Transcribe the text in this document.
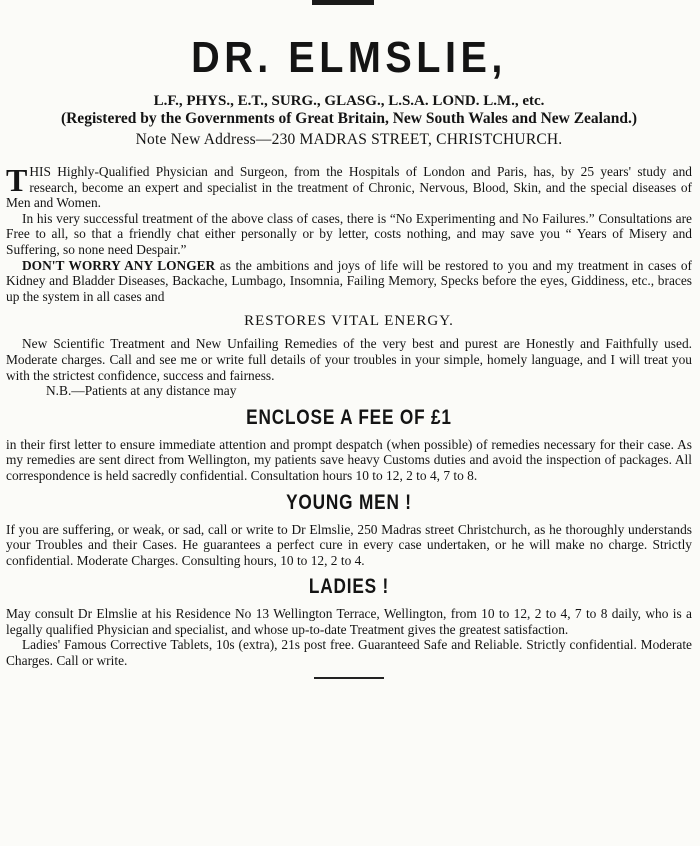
DR. ELMSLIE,

L.F., PHYS., E.T., SURG., GLASG., L.S.A. LOND. L.M., etc.

(Registered by the Governments of Great Britain, New South Wales and New Zealand.)

Note New Address—230 MADRAS STREET, CHRISTCHURCH.

THIS Highly-Qualified Physician and Surgeon, from the Hospitals of London and Paris, has, by 25 years' study and research, become an expert and specialist in the treatment of Chronic, Nervous, Blood, Skin, and the special diseases of Men and Women.

In his very successful treatment of the above class of cases, there is “No Experimenting and No Failures.” Consultations are Free to all, so that a friendly chat either personally or by letter, costs nothing, and may save you “ Years of Misery and Suffering, so none need Despair.”

DON'T WORRY ANY LONGER as the ambitions and joys of life will be restored to you and my treatment in cases of Kidney and Bladder Diseases, Backache, Lumbago, Insomnia, Failing Memory, Specks before the eyes, Giddiness, etc., braces up the system in all cases and

RESTORES VITAL ENERGY.

New Scientific Treatment and New Unfailing Remedies of the very best and purest are Honestly and Faithfully used. Moderate charges. Call and see me or write full details of your troubles in your simple, homely language, and I will treat you with the strictest confidence, success and fairness.

N.B.—Patients at any distance may

ENCLOSE A FEE OF £1

in their first letter to ensure immediate attention and prompt despatch (when possible) of remedies necessary for their case. As my remedies are sent direct from Wellington, my patients save heavy Customs duties and avoid the inspection of packages. All correspondence is held sacredly confidential. Consultation hours 10 to 12, 2 to 4, 7 to 8.

YOUNG MEN !

If you are suffering, or weak, or sad, call or write to Dr Elmslie, 250 Madras street Christchurch, as he thoroughly understands your Troubles and their Cases. He guarantees a perfect cure in every case undertaken, or he will make no charge. Strictly confidential. Moderate Charges. Consulting hours, 10 to 12, 2 to 4.

LADIES !

May consult Dr Elmslie at his Residence No 13 Wellington Terrace, Wellington, from 10 to 12, 2 to 4, 7 to 8 daily, who is a legally qualified Physician and specialist, and whose up-to-date Treatment gives the greatest satisfaction.

Ladies' Famous Corrective Tablets, 10s (extra), 21s post free. Guaranteed Safe and Reliable. Strictly confidential. Moderate Charges. Call or write.
